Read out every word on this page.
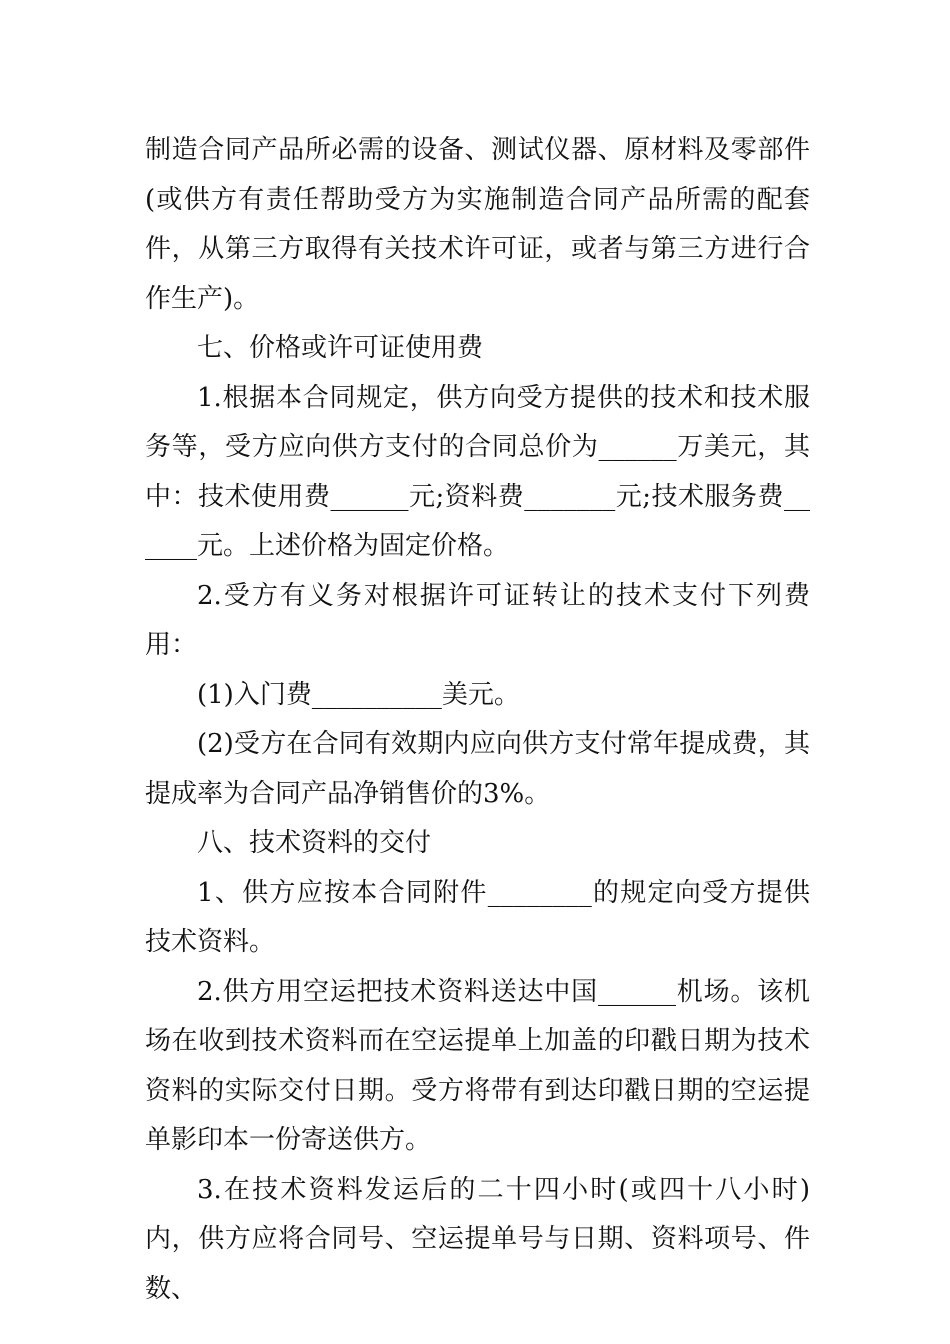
制造合同产品所必需的设备、测试仪器、原材料及零部件(或供方有责任帮助受方为实施制造合同产品所需的配套件，从第三方取得有关技术许可证，或者与第三方进行合作生产)。

七、价格或许可证使用费

1.根据本合同规定，供方向受方提供的技术和技术服务等，受方应向供方支付的合同总价为______万美元，其中：技术使用费______元;资料费_______元;技术服务费______元。上述价格为固定价格。

2.受方有义务对根据许可证转让的技术支付下列费用：

(1)入门费__________美元。

(2)受方在合同有效期内应向供方支付常年提成费，其提成率为合同产品净销售价的3%。

八、技术资料的交付

1、供方应按本合同附件________的规定向受方提供技术资料。

2.供方用空运把技术资料送达中国______机场。该机场在收到技术资料而在空运提单上加盖的印戳日期为技术资料的实际交付日期。受方将带有到达印戳日期的空运提单影印本一份寄送供方。

3.在技术资料发运后的二十四小时(或四十八小时)内，供方应将合同号、空运提单号与日期、资料项号、件数、
